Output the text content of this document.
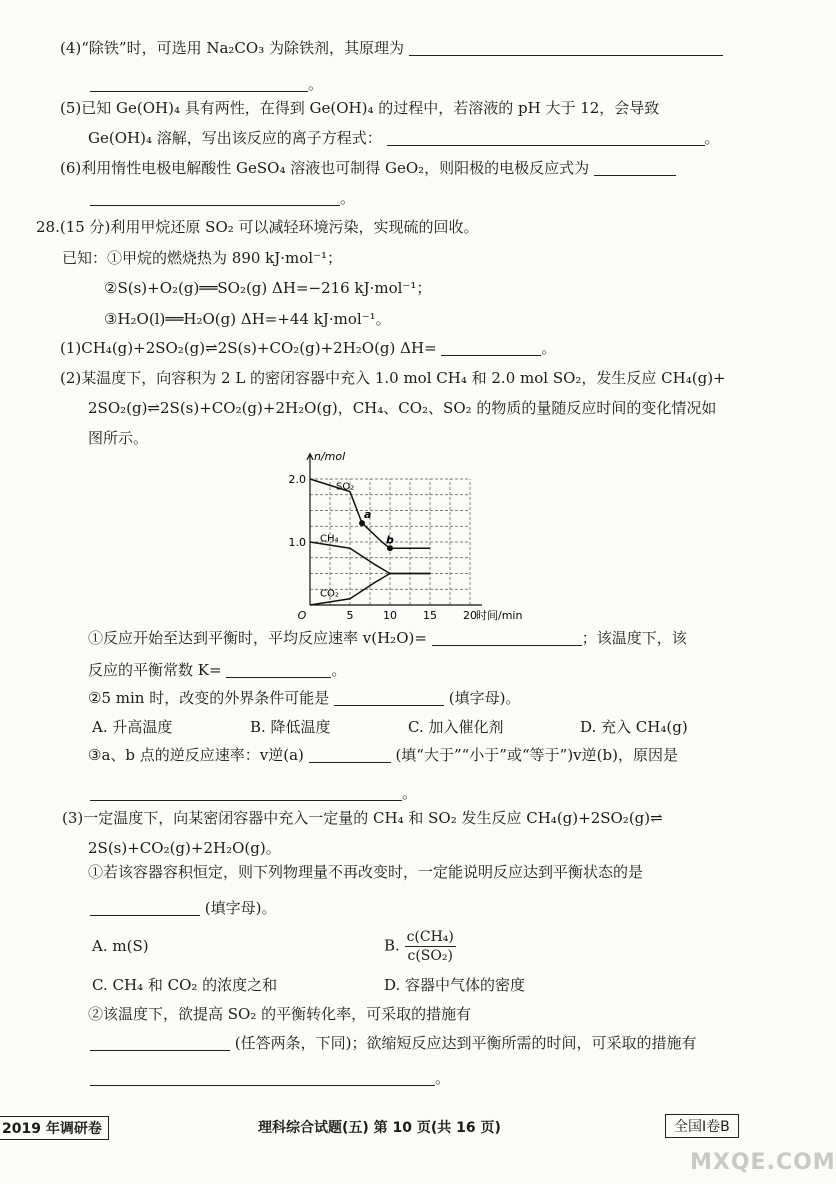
(4)“除铁”时，可选用 Na₂CO₃ 为除铁剂，其原理为
。
(5)已知 Ge(OH)₄ 具有两性，在得到 Ge(OH)₄ 的过程中，若溶液的 pH 大于 12，会导致
Ge(OH)₄ 溶解，写出该反应的离子方程式：	。
(6)利用惰性电极电解酸性 GeSO₄ 溶液也可制得 GeO₂，则阳极的电极反应式为
。
28.(15 分)利用甲烷还原 SO₂ 可以减轻环境污染，实现硫的回收。
已知：①甲烷的燃烧热为 890 kJ·mol⁻¹；
②S(s)+O₂(g)══SO₂(g) ΔH=−216 kJ·mol⁻¹；
③H₂O(l)══H₂O(g) ΔH=+44 kJ·mol⁻¹。
(1)CH₄(g)+2SO₂(g)⇌2S(s)+CO₂(g)+2H₂O(g) ΔH=	。
(2)某温度下，向容积为 2 L 的密闭容器中充入 1.0 mol CH₄ 和 2.0 mol SO₂，发生反应 CH₄(g)+
2SO₂(g)⇌2S(s)+CO₂(g)+2H₂O(g)，CH₄、CO₂、SO₂ 的物质的量随反应时间的变化情况如
图所示。
5	10 15 20
1.0
2.0
O
n/mol
时间/min
SO₂
CH₄
CO₂
a
b
①反应开始至达到平衡时，平均反应速率 v(H₂O)=	；该温度下，该
反应的平衡常数 K=	。
②5 min 时，改变的外界条件可能是	(填字母)。
A. 升高温度	B. 降低温度	C. 加入催化剂	D. 充入 CH₄(g)
③a、b 点的逆反应速率：v逆(a)	(填“大于”“小于”或“等于”)v逆(b)，原因是
。
(3)一定温度下，向某密闭容器中充入一定量的 CH₄ 和 SO₂ 发生反应 CH₄(g)+2SO₂(g)⇌
2S(s)+CO₂(g)+2H₂O(g)。
①若该容器容积恒定，则下列物理量不再改变时，一定能说明反应达到平衡状态的是
(填字母)。
A. m(S)	B. $\frac{\text{c(CH₄)}}{\text{c(SO₂)}}$
C. CH₄ 和 CO₂ 的浓度之和	D. 容器中气体的密度
②该温度下，欲提高 SO₂ 的平衡转化率，可采取的措施有
(任答两条，下同)；欲缩短反应达到平衡所需的时间，可采取的措施有
。
2019 年调研卷	理科综合试题(五) 第 10 页(共 16 页)	全国Ⅰ卷B
MXQE.COM
